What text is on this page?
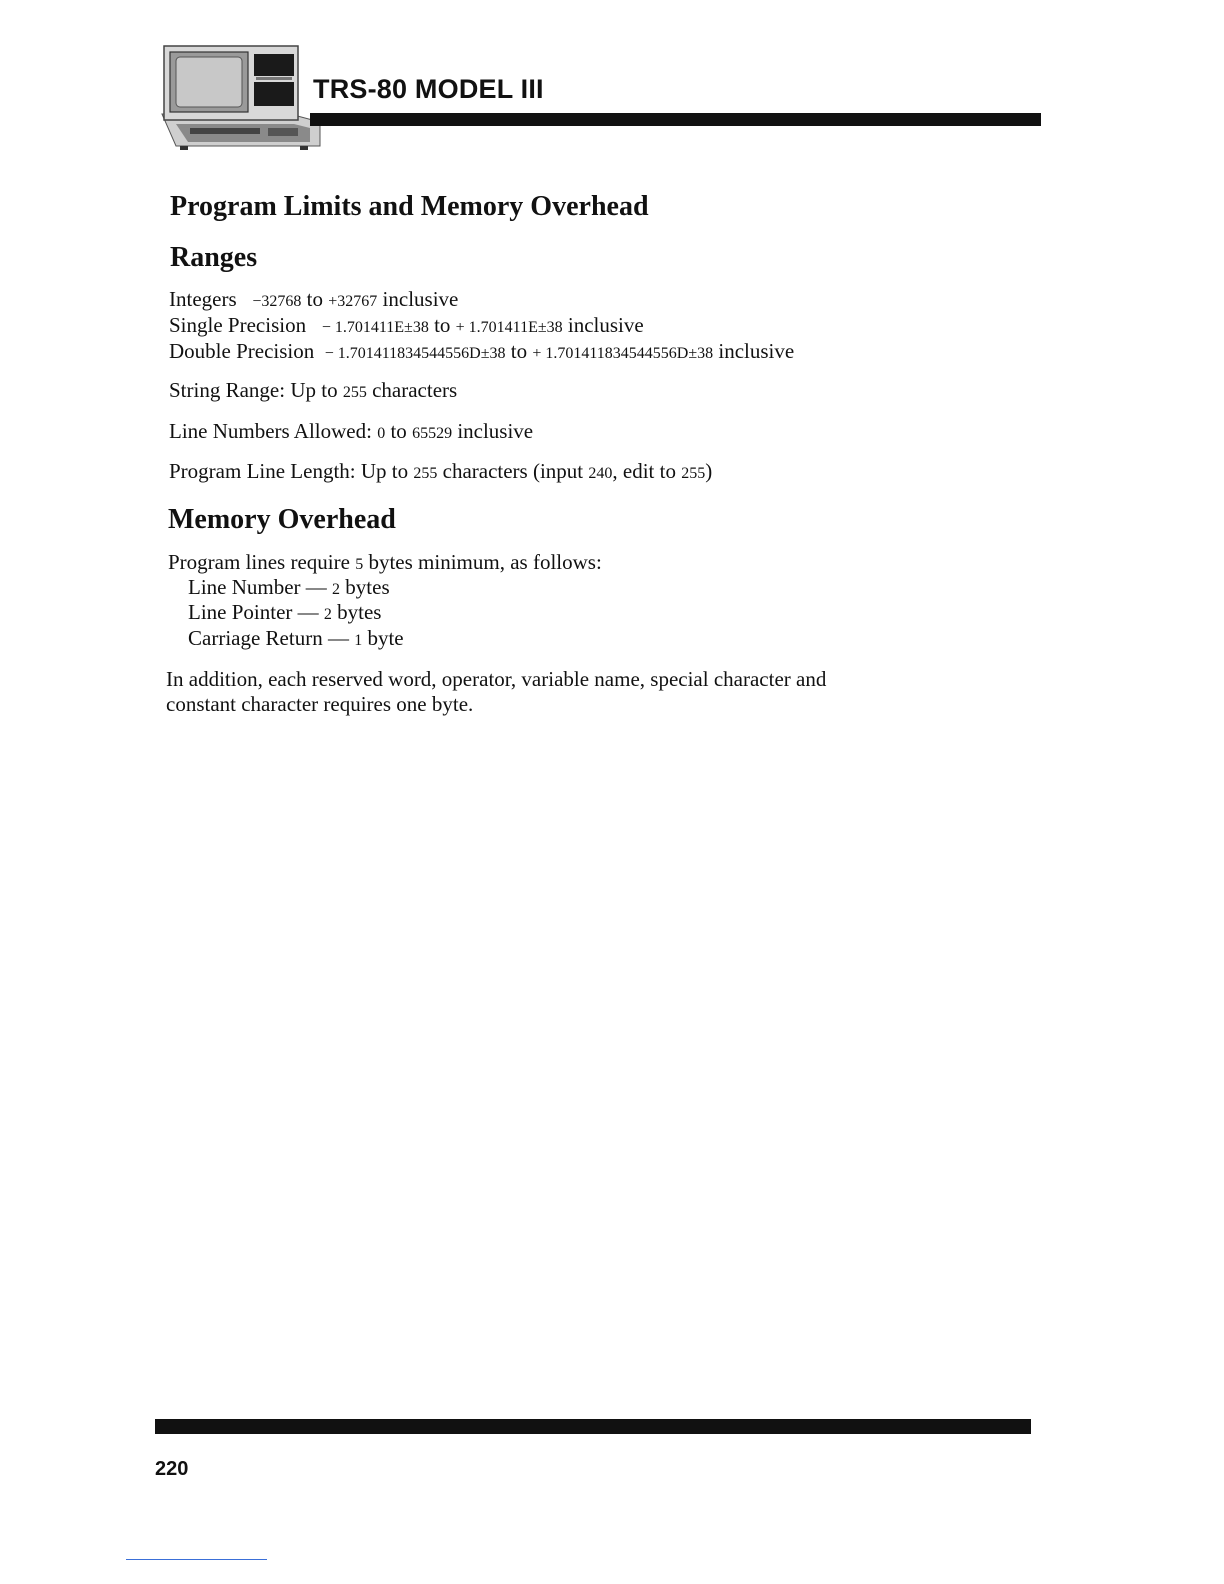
TRS-80 MODEL III
Program Limits and Memory Overhead
Ranges
Integers −32768 to +32767 inclusive
Single Precision − 1.701411E±38 to + 1.701411E±38 inclusive
Double Precision − 1.701411834544556D±38 to + 1.701411834544556D±38 inclusive
String Range: Up to 255 characters
Line Numbers Allowed: 0 to 65529 inclusive
Program Line Length: Up to 255 characters (input 240, edit to 255)
Memory Overhead
Program lines require 5 bytes minimum, as follows:
Line Number — 2 bytes
Line Pointer — 2 bytes
Carriage Return — 1 byte
In addition, each reserved word, operator, variable name, special character and
constant character requires one byte.
220
